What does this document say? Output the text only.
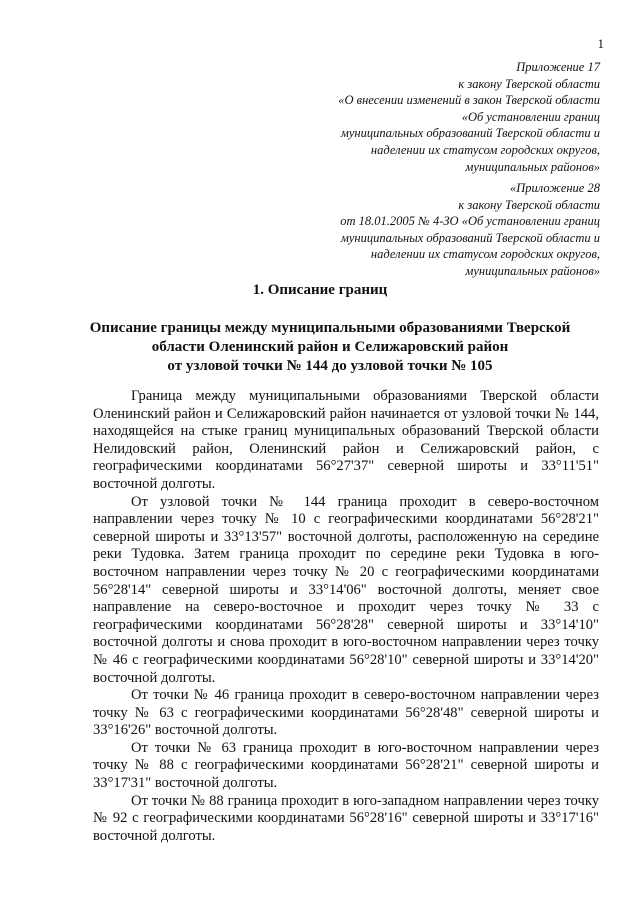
1
Приложение 17
к закону Тверской области
«О внесении изменений в закон Тверской области
«Об установлении границ
муниципальных образований Тверской области и
наделении их статусом городских округов,
муниципальных районов»
«Приложение 28
к закону Тверской области
от 18.01.2005 № 4-ЗО «Об установлении границ
муниципальных образований Тверской области и
наделении их статусом городских округов,
муниципальных районов»
1. Описание границ
Описание границы между муниципальными образованиями Тверской
области Оленинский район и Селижаровский район
от узловой точки № 144 до узловой точки № 105

Граница между муниципальными образованиями Тверской области Оленинский район и Селижаровский район начинается от узловой точки № 144, находящейся на стыке границ муниципальных образований Тверской области Нелидовский район, Оленинский район и Селижаровский район, с географическими координатами 56°27'37" северной широты и 33°11'51" восточной долготы.

От узловой точки № 144 граница проходит в северо-восточном направлении через точку № 10 с географическими координатами 56°28'21" северной широты и 33°13'57" восточной долготы, расположенную на середине реки Тудовка. Затем граница проходит по середине реки Тудовка в юго-восточном направлении через точку № 20 с географическими координатами 56°28'14" северной широты и 33°14'06" восточной долготы, меняет свое направление на северо-восточное и проходит через точку № 33 с географическими координатами 56°28'28" северной широты и 33°14'10" восточной долготы и снова проходит в юго-восточном направлении через точку № 46 с географическими координатами 56°28'10" северной широты и 33°14'20" восточной долготы.

От точки № 46 граница проходит в северо-восточном направлении через точку № 63 с географическими координатами 56°28'48" северной широты и 33°16'26" восточной долготы.

От точки № 63 граница проходит в юго-восточном направлении через точку № 88 с географическими координатами 56°28'21" северной широты и 33°17'31" восточной долготы.

От точки № 88 граница проходит в юго-западном направлении через точку № 92 с географическими координатами 56°28'16" северной широты и 33°17'16" восточной долготы.
